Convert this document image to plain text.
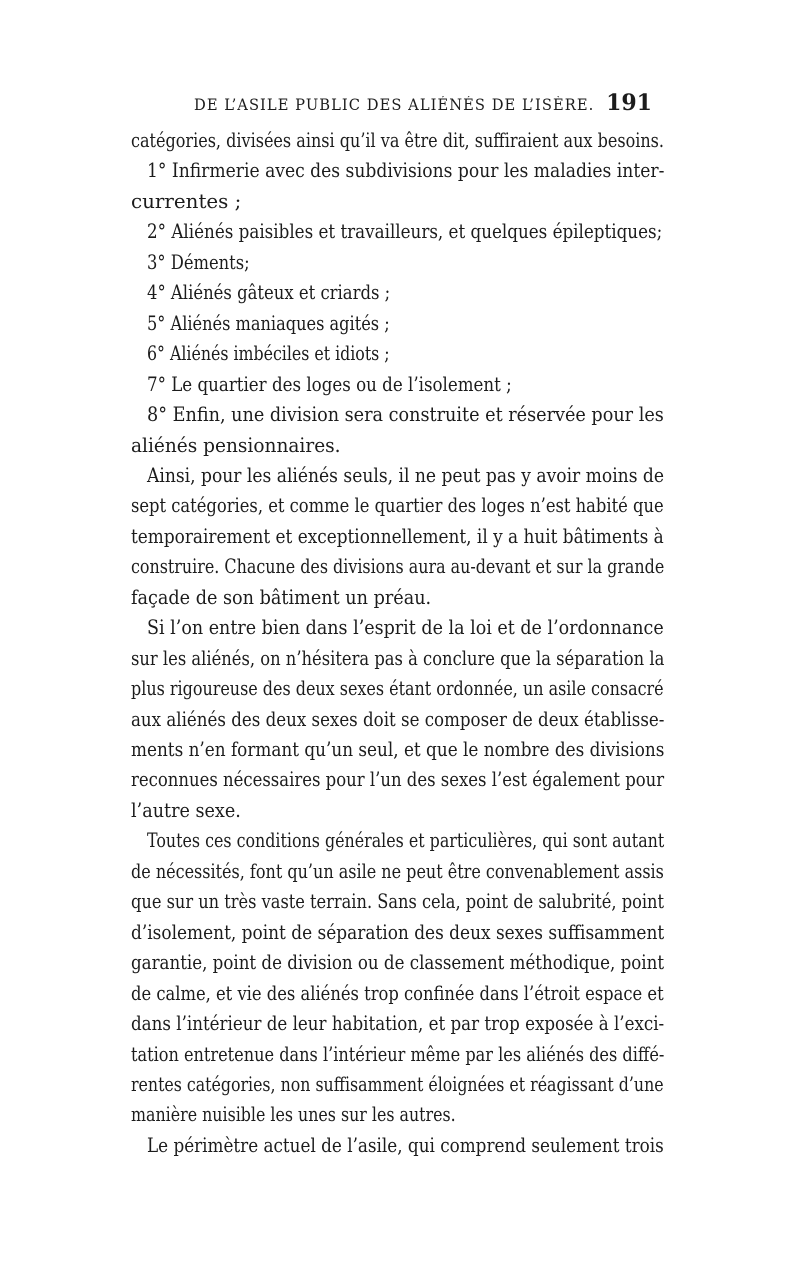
DE L’ASILE PUBLIC DES ALIÉNÉS DE L’ISÈRE. 191
catégories, divisées ainsi qu’il va être dit, suffiraient aux besoins.
1° Infirmerie avec des subdivisions pour les maladies inter-
currentes ;
2° Aliénés paisibles et travailleurs, et quelques épileptiques;
3° Déments;
4° Aliénés gâteux et criards ;
5° Aliénés maniaques agités ;
6° Aliénés imbéciles et idiots ;
7° Le quartier des loges ou de l’isolement ;
8° Enfin, une division sera construite et réservée pour les
aliénés pensionnaires.
Ainsi, pour les aliénés seuls, il ne peut pas y avoir moins de
sept catégories, et comme le quartier des loges n’est habité que
temporairement et exceptionnellement, il y a huit bâtiments à
construire. Chacune des divisions aura au-devant et sur la grande
façade de son bâtiment un préau.
Si l’on entre bien dans l’esprit de la loi et de l’ordonnance
sur les aliénés, on n’hésitera pas à conclure que la séparation la
plus rigoureuse des deux sexes étant ordonnée, un asile consacré
aux aliénés des deux sexes doit se composer de deux établisse-
ments n’en formant qu’un seul, et que le nombre des divisions
reconnues nécessaires pour l’un des sexes l’est également pour
l’autre sexe.
Toutes ces conditions générales et particulières, qui sont autant
de nécessités, font qu’un asile ne peut être convenablement assis
que sur un très vaste terrain. Sans cela, point de salubrité, point
d’isolement, point de séparation des deux sexes suffisamment
garantie, point de division ou de classement méthodique, point
de calme, et vie des aliénés trop confinée dans l’étroit espace et
dans l’intérieur de leur habitation, et par trop exposée à l’exci-
tation entretenue dans l’intérieur même par les aliénés des diffé-
rentes catégories, non suffisamment éloignées et réagissant d’une
manière nuisible les unes sur les autres.
Le périmètre actuel de l’asile, qui comprend seulement trois
